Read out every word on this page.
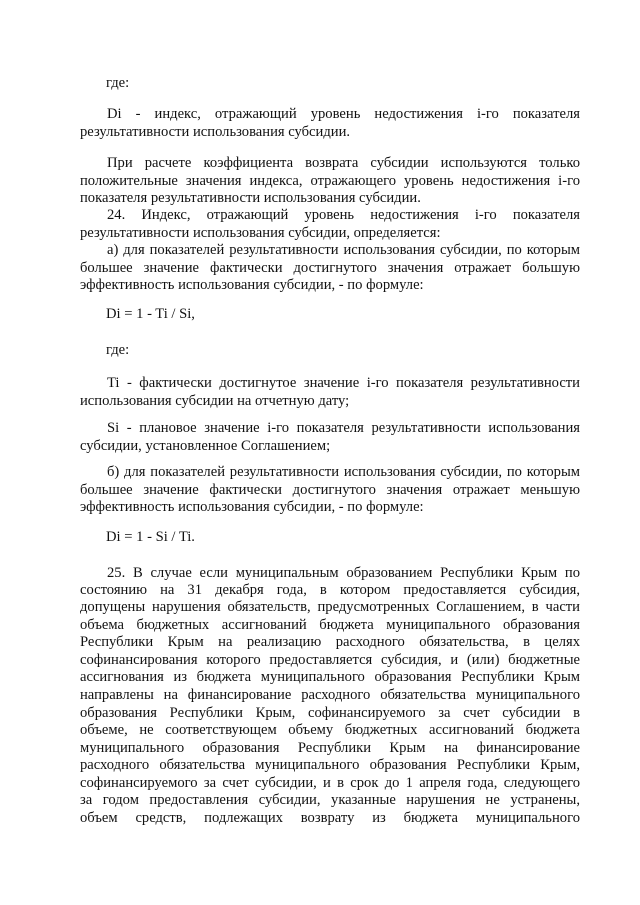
где:

Di - индекс, отражающий уровень недостижения i-го показателя результативности использования субсидии.

При расчете коэффициента возврата субсидии используются только положительные значения индекса, отражающего уровень недостижения i-го показателя результативности использования субсидии.

24. Индекс, отражающий уровень недостижения i-го показателя результативности использования субсидии, определяется:

а) для показателей результативности использования субсидии, по которым большее значение фактически достигнутого значения отражает большую эффективность использования субсидии, - по формуле:

Di = 1 - Ti / Si,

где:

Ti - фактически достигнутое значение i-го показателя результативности использования субсидии на отчетную дату;

Si - плановое значение i-го показателя результативности использования субсидии, установленное Соглашением;

б) для показателей результативности использования субсидии, по которым большее значение фактически достигнутого значения отражает меньшую эффективность использования субсидии, - по формуле:

Di = 1 - Si / Ti.

25. В случае если муниципальным образованием Республики Крым по

состоянию на 31 декабря года, в котором предоставляется субсидия,

допущены нарушения обязательств, предусмотренных Соглашением, в части

объема бюджетных ассигнований бюджета муниципального образования

Республики Крым на реализацию расходного обязательства, в целях

софинансирования которого предоставляется субсидия, и (или) бюджетные

ассигнования из бюджета муниципального образования Республики Крым

направлены на финансирование расходного обязательства муниципального

образования Республики Крым, софинансируемого за счет субсидии в

объеме, не соответствующем объему бюджетных ассигнований бюджета

муниципального образования Республики Крым на финансирование

расходного обязательства муниципального образования Республики Крым,

софинансируемого за счет субсидии, и в срок до 1 апреля года, следующего

за годом предоставления субсидии, указанные нарушения не устранены,

объем средств, подлежащих возврату из бюджета муниципального
